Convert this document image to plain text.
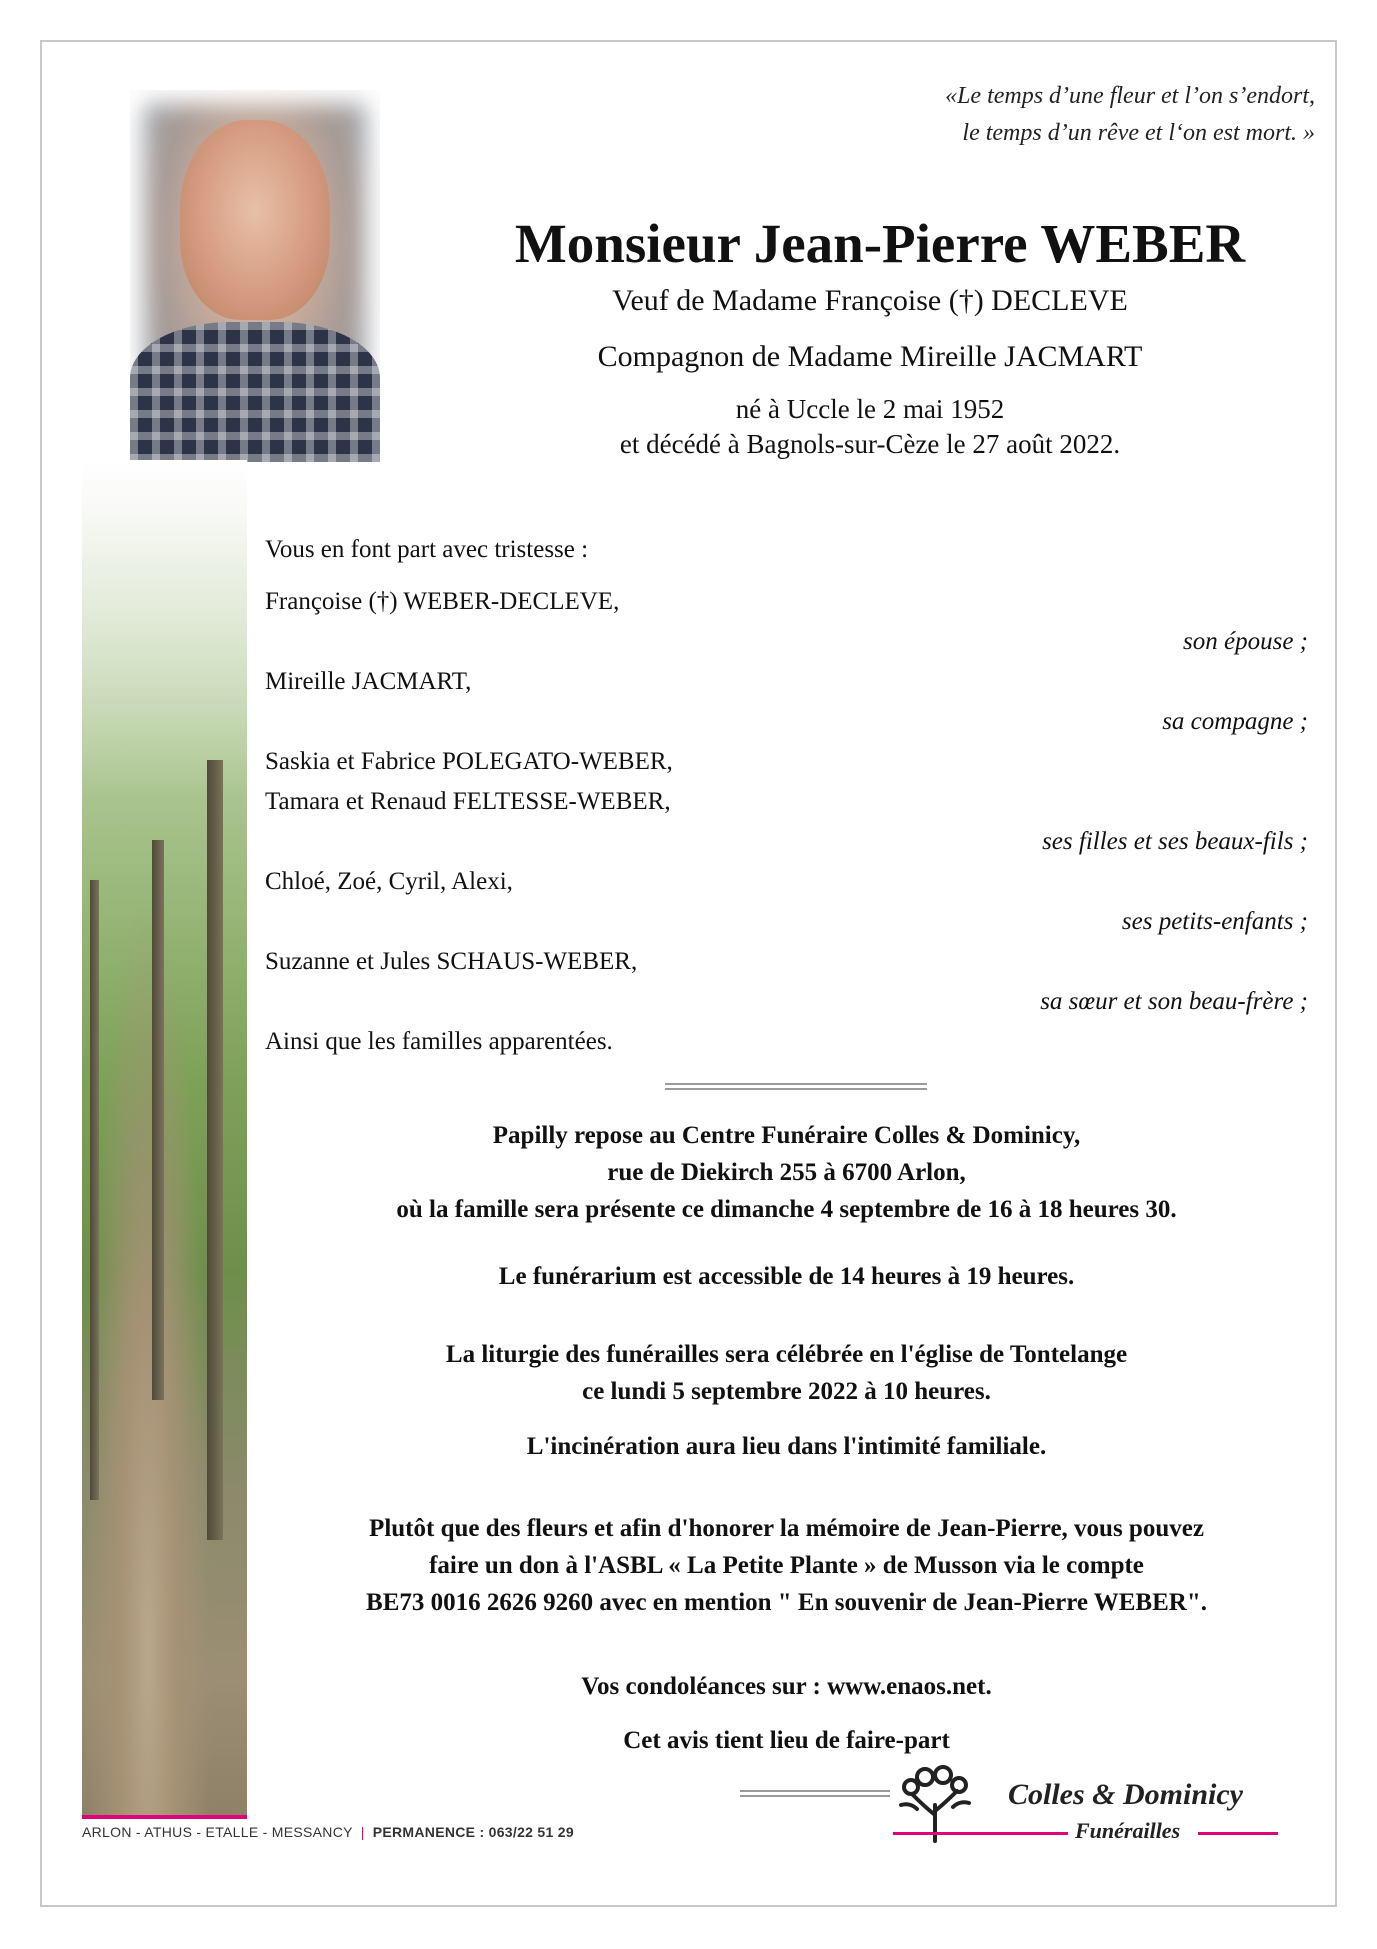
«Le temps d’une fleur et l’on s’endort,
le temps d’un rêve et l‘on est mort. »
Monsieur Jean-Pierre WEBER
Veuf de Madame Françoise (†) DECLEVE
Compagnon de Madame Mireille JACMART
né à Uccle le 2 mai 1952
et décédé à Bagnols-sur-Cèze le 27 août 2022.
Vous en font part avec tristesse :
Françoise (†) WEBER-DECLEVE,
son épouse ;
Mireille JACMART,
sa compagne ;
Saskia et Fabrice POLEGATO-WEBER,
Tamara et Renaud FELTESSE-WEBER,
ses filles et ses beaux-fils ;
Chloé, Zoé, Cyril, Alexi,
ses petits-enfants ;
Suzanne et Jules SCHAUS-WEBER,
sa sœur et son beau-frère ;
Ainsi que les familles apparentées.
Papilly repose au Centre Funéraire Colles & Dominicy,
rue de Diekirch 255 à 6700 Arlon,
où la famille sera présente ce dimanche 4 septembre de 16 à 18 heures 30.
Le funérarium est accessible de 14 heures à 19 heures.
La liturgie des funérailles sera célébrée en l'église de Tontelange
ce lundi 5 septembre 2022 à 10 heures.
L'incinération aura lieu dans l'intimité familiale.
Plutôt que des fleurs et afin d'honorer la mémoire de Jean-Pierre, vous pouvez
faire un don à l'ASBL « La Petite Plante » de Musson via le compte
BE73 0016 2626 9260 avec en mention " En souvenir de Jean-Pierre WEBER".
Vos condoléances sur : www.enaos.net.
Cet avis tient lieu de faire-part
ARLON - ATHUS - ETALLE - MESSANCY | PERMANENCE : 063/22 51 29
Colles & Dominicy
Funérailles
